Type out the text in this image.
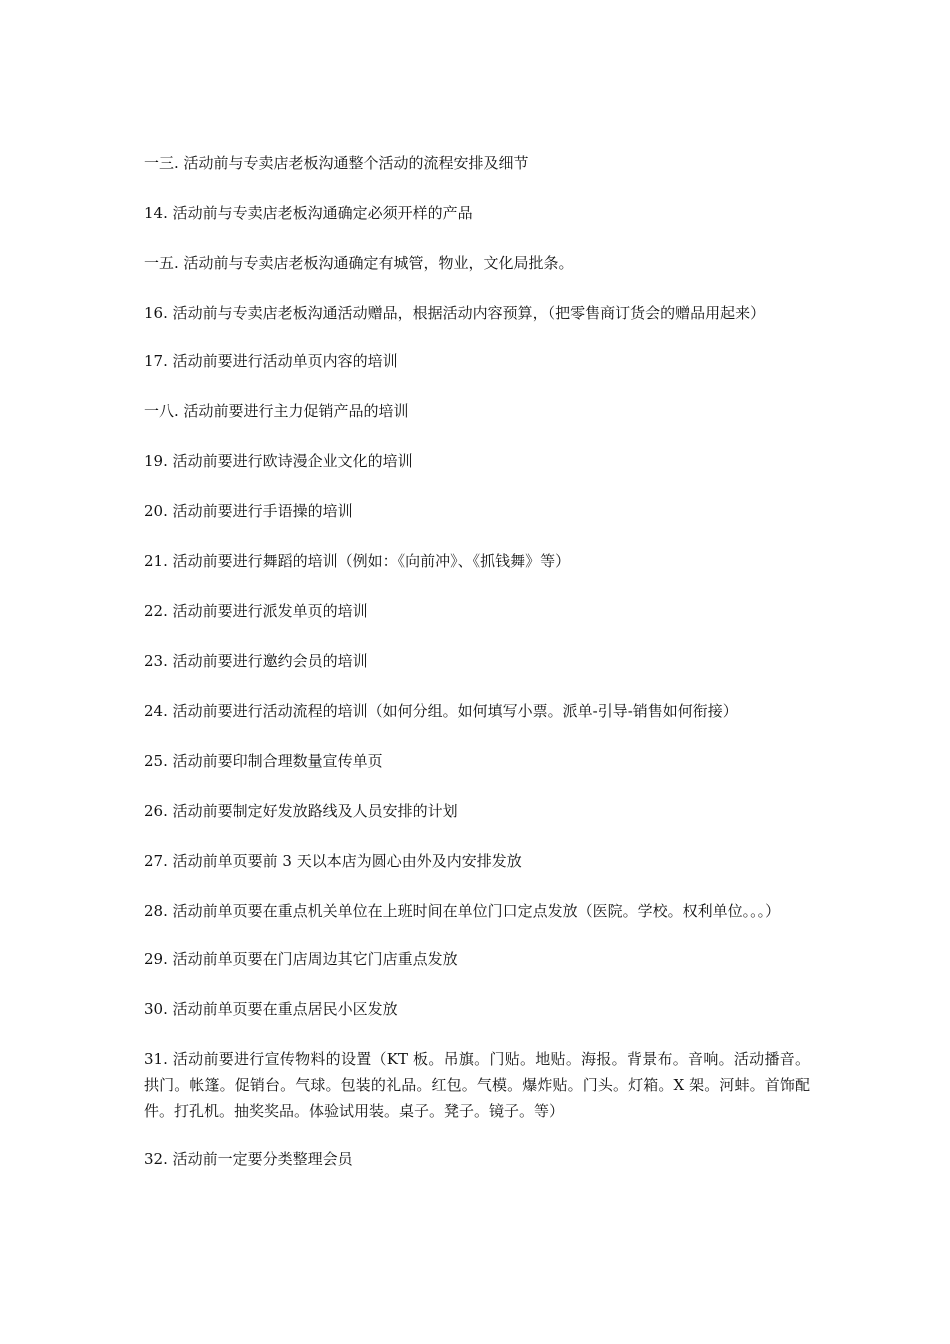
一三. 活动前与专卖店老板沟通整个活动的流程安排及细节

14. 活动前与专卖店老板沟通确定必须开样的产品

一五. 活动前与专卖店老板沟通确定有城管，物业，文化局批条。

16. 活动前与专卖店老板沟通活动赠品，根据活动内容预算，（把零售商订货会的赠品用起来）

17. 活动前要进行活动单页内容的培训

一八. 活动前要进行主力促销产品的培训

19. 活动前要进行欧诗漫企业文化的培训

20. 活动前要进行手语操的培训

21. 活动前要进行舞蹈的培训（例如：《向前冲》、《抓钱舞》等）

22. 活动前要进行派发单页的培训

23. 活动前要进行邀约会员的培训

24. 活动前要进行活动流程的培训（如何分组。如何填写小票。派单-引导-销售如何衔接）

25. 活动前要印制合理数量宣传单页

26. 活动前要制定好发放路线及人员安排的计划

27. 活动前单页要前 3 天以本店为圆心由外及内安排发放

28. 活动前单页要在重点机关单位在上班时间在单位门口定点发放（医院。学校。权利单位。。。）

29. 活动前单页要在门店周边其它门店重点发放

30. 活动前单页要在重点居民小区发放

31. 活动前要进行宣传物料的设置（KT 板。吊旗。门贴。地贴。海报。背景布。音响。活动播音。拱门。帐篷。促销台。气球。包装的礼品。红包。气模。爆炸贴。门头。灯箱。X 架。河蚌。首饰配件。打孔机。抽奖奖品。体验试用装。桌子。凳子。镜子。等）

32. 活动前一定要分类整理会员
